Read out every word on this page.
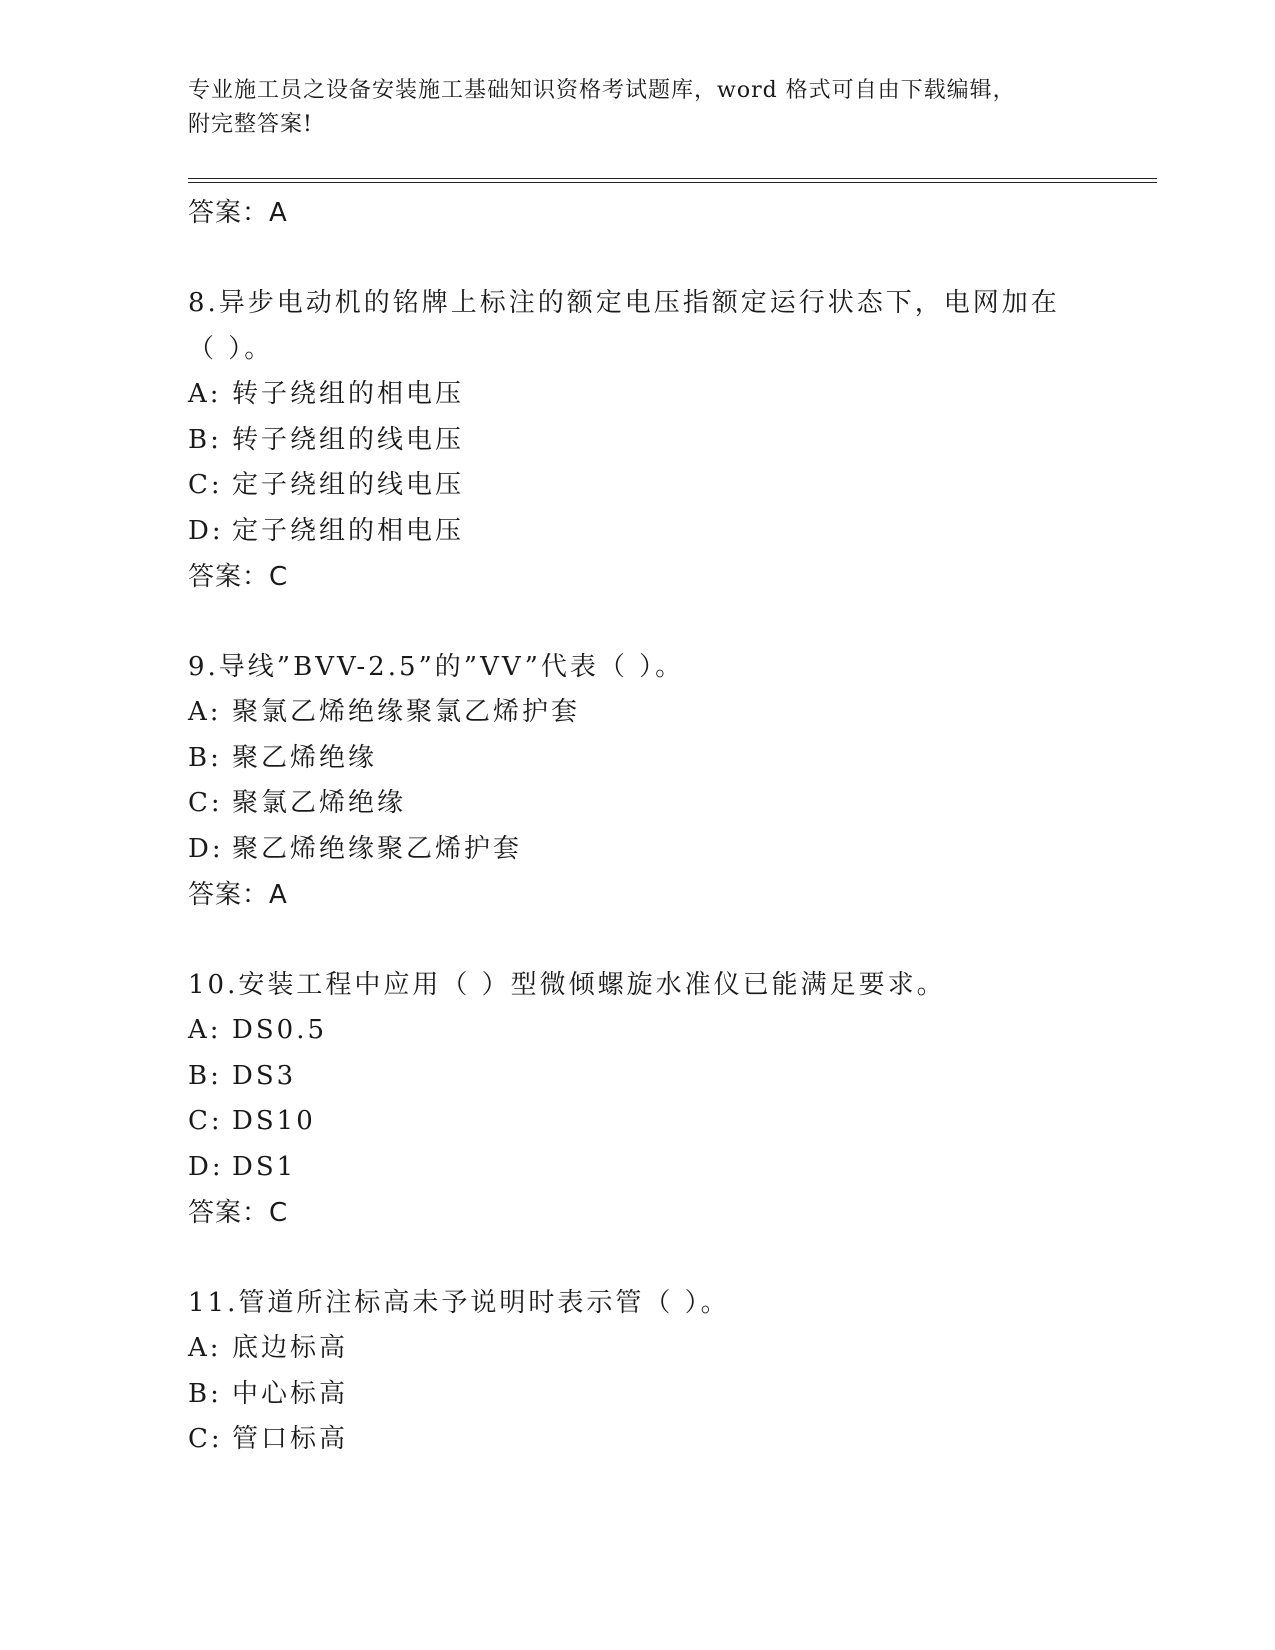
专业施工员之设备安装施工基础知识资格考试题库，word 格式可自由下载编辑，
附完整答案!
答案：A
8.异步电动机的铭牌上标注的额定电压指额定运行状态下，电网加在
（ ）。
A: 转子绕组的相电压
B: 转子绕组的线电压
C: 定子绕组的线电压
D: 定子绕组的相电压
答案：C
9.导线”BVV-2.5”的”VV”代表（ ）。
A: 聚氯乙烯绝缘聚氯乙烯护套
B: 聚乙烯绝缘
C: 聚氯乙烯绝缘
D: 聚乙烯绝缘聚乙烯护套
答案：A
10.安装工程中应用（ ）型微倾螺旋水准仪已能满足要求。
A: DS0.5
B: DS3
C: DS10
D: DS1
答案：C
11.管道所注标高未予说明时表示管（ ）。
A: 底边标高
B: 中心标高
C: 管口标高
